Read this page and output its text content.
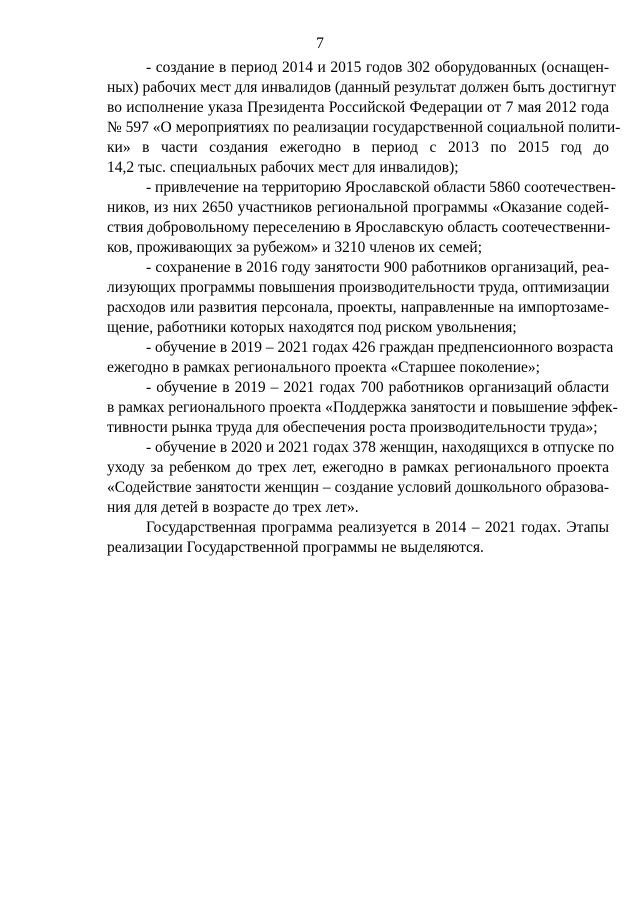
7
- создание в период 2014 и 2015 годов 302 оборудованных (оснащен-
ных) рабочих мест для инвалидов (данный результат должен быть достигнут
во исполнение указа Президента Российской Федерации от 7 мая 2012 года
№ 597 «О мероприятиях по реализации государственной социальной полити-
ки» в части создания ежегодно в период с 2013 по 2015 год до
14,2 тыс. специальных рабочих мест для инвалидов);
- привлечение на территорию Ярославской области 5860 соотечествен-
ников, из них 2650 участников региональной программы «Оказание содей-
ствия добровольному переселению в Ярославскую область соотечественни-
ков, проживающих за рубежом» и 3210 членов их семей;
- сохранение в 2016 году занятости 900 работников организаций, реа-
лизующих программы повышения производительности труда, оптимизации
расходов или развития персонала, проекты, направленные на импортозаме-
щение, работники которых находятся под риском увольнения;
- обучение в 2019 – 2021 годах 426 граждан предпенсионного возраста
ежегодно в рамках регионального проекта «Старшее поколение»;
- обучение в 2019 – 2021 годах 700 работников организаций области
в рамках регионального проекта «Поддержка занятости и повышение эффек-
тивности рынка труда для обеспечения роста производительности труда»;
- обучение в 2020 и 2021 годах 378 женщин, находящихся в отпуске по
уходу за ребенком до трех лет, ежегодно в рамках регионального проекта
«Содействие занятости женщин – создание условий дошкольного образова-
ния для детей в возрасте до трех лет».
Государственная программа реализуется в 2014 – 2021 годах. Этапы
реализации Государственной программы не выделяются.
